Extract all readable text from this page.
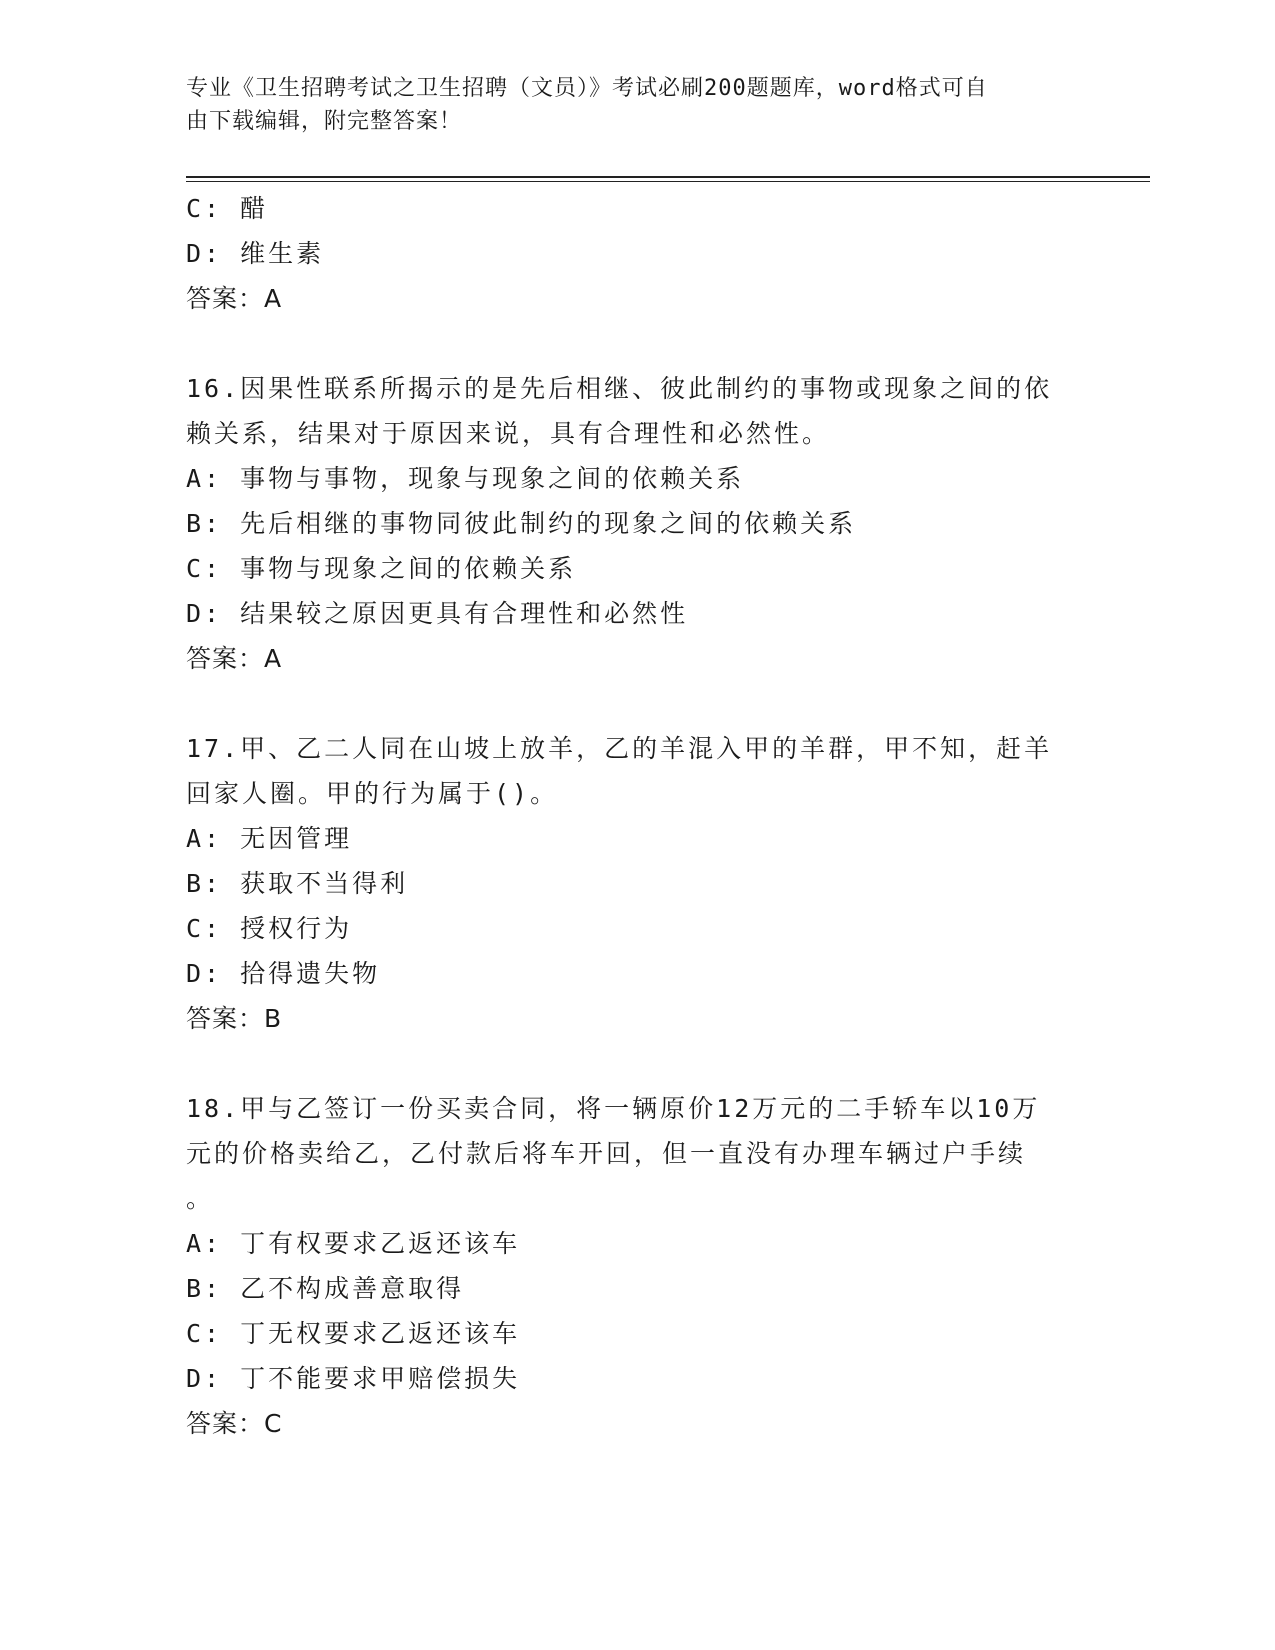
专业《卫生招聘考试之卫生招聘（文员）》考试必刷200题题库，word格式可自
由下载编辑，附完整答案！
C: 醋
D: 维生素
答案：A
16.因果性联系所揭示的是先后相继、彼此制约的事物或现象之间的依
赖关系，结果对于原因来说，具有合理性和必然性。
A: 事物与事物，现象与现象之间的依赖关系
B: 先后相继的事物同彼此制约的现象之间的依赖关系
C: 事物与现象之间的依赖关系
D: 结果较之原因更具有合理性和必然性
答案：A
17.甲、乙二人同在山坡上放羊，乙的羊混入甲的羊群，甲不知，赶羊
回家人圈。甲的行为属于()。
A: 无因管理
B: 获取不当得利
C: 授权行为
D: 拾得遗失物
答案：B
18.甲与乙签订一份买卖合同，将一辆原价12万元的二手轿车以10万
元的价格卖给乙，乙付款后将车开回，但一直没有办理车辆过户手续
。
A: 丁有权要求乙返还该车
B: 乙不构成善意取得
C: 丁无权要求乙返还该车
D: 丁不能要求甲赔偿损失
答案：C
